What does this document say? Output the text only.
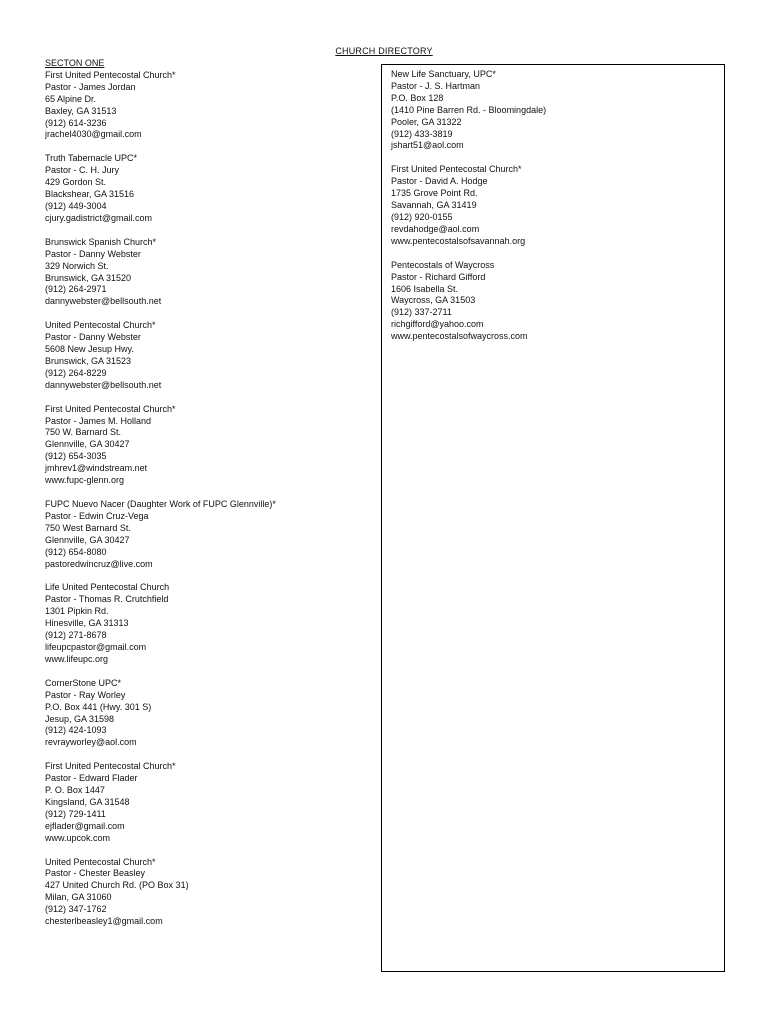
CHURCH DIRECTORY
SECTON ONE
First United Pentecostal Church*
Pastor - James Jordan
65 Alpine Dr.
Baxley, GA 31513
(912) 614-3236
jrachel4030@gmail.com
Truth Tabernacle UPC*
Pastor - C. H. Jury
429 Gordon St.
Blackshear, GA 31516
(912) 449-3004
cjury.gadistrict@gmail.com
Brunswick Spanish Church*
Pastor - Danny Webster
329 Norwich St.
Brunswick, GA 31520
(912) 264-2971
dannywebster@bellsouth.net
United Pentecostal Church*
Pastor - Danny Webster
5608 New Jesup Hwy.
Brunswick, GA 31523
(912) 264-8229
dannywebster@bellsouth.net
First United Pentecostal Church*
Pastor - James M. Holland
750 W. Barnard St.
Glennville, GA 30427
(912) 654-3035
jmhrev1@windstream.net
www.fupc-glenn.org
FUPC Nuevo Nacer (Daughter Work of FUPC Glennville)*
Pastor - Edwin Cruz-Vega
750 West Barnard St.
Glennville, GA 30427
(912) 654-8080
pastoredwincruz@live.com
Life United Pentecostal Church
Pastor - Thomas R. Crutchfield
1301 Pipkin Rd.
Hinesville, GA 31313
(912) 271-8678
lifeupcpastor@gmail.com
www.lifeupc.org
CornerStone UPC*
Pastor - Ray Worley
P.O. Box 441 (Hwy. 301 S)
Jesup, GA 31598
(912) 424-1093
revrayworley@aol.com
First United Pentecostal Church*
Pastor - Edward Flader
P. O. Box 1447
Kingsland, GA 31548
(912) 729-1411
ejflader@gmail.com
www.upcok.com
United Pentecostal Church*
Pastor - Chester Beasley
427 United Church Rd. (PO Box 31)
Milan, GA 31060
(912) 347-1762
chesterlbeasley1@gmail.com
New Life Sanctuary, UPC*
Pastor - J. S. Hartman
P.O. Box 128
(1410 Pine Barren Rd. - Bloomingdale)
Pooler, GA 31322
(912) 433-3819
jshart51@aol.com
First United Pentecostal Church*
Pastor - David A. Hodge
1735 Grove Point Rd.
Savannah, GA 31419
(912) 920-0155
revdahodge@aol.com
www.pentecostalsofsavannah.org
Pentecostals of Waycross
Pastor - Richard Gifford
1606 Isabella St.
Waycross, GA 31503
(912) 337-2711
richgifford@yahoo.com
www.pentecostalsofwaycross.com
